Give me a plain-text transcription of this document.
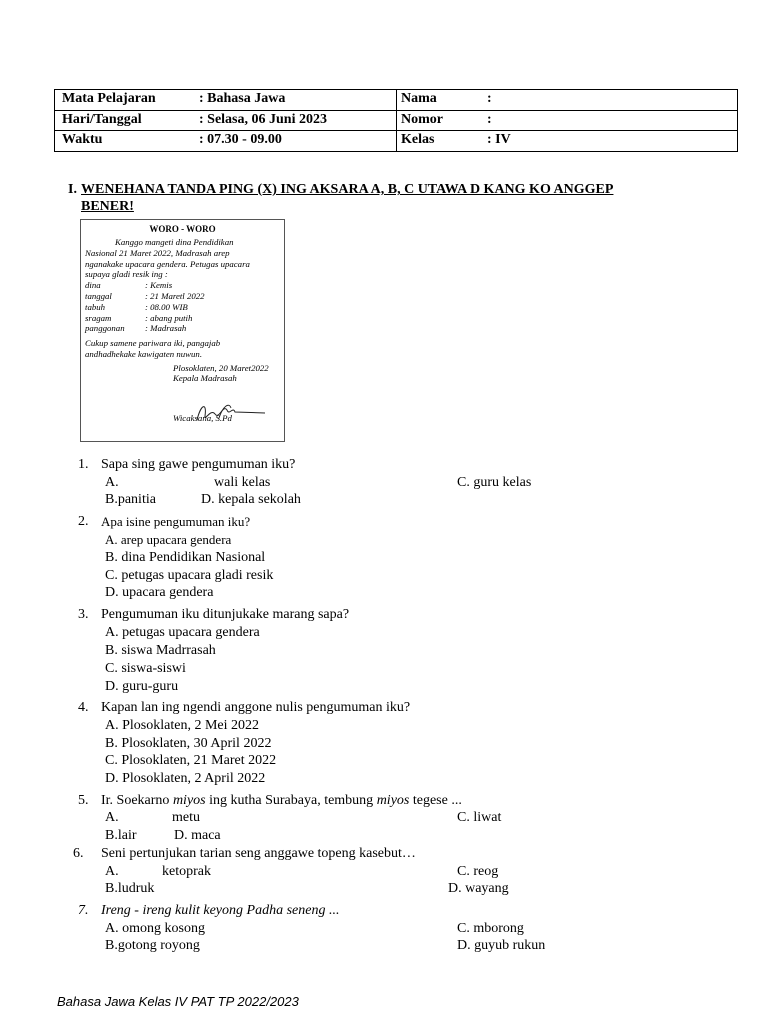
Mata Pelajaran	: Bahasa Jawa	Nama	:
Hari/Tanggal	: Selasa, 06 Juni 2023	Nomor	:
Waktu	: 07.30 - 09.00	Kelas	: IV
I. WENEHANA TANDA PING (X) ING AKSARA A, B, C UTAWA D KANG KO ANGGEP
BENER!
WORO - WORO
Kanggo mangeti dina Pendidikan
Nasional 21 Maret 2022, Madrasah arep
nganakake upacara gendera. Petugas upacara
supaya gladi resik ing :
dina	: Kemis
tanggal	: 21 Maretl 2022
tabuh	: 08.00 WIB
sragam	: abang putih
panggonan : Madrasah
Cukup samene pariwara iki, pangajab
andhadhekake kawigaten nuwun.
Plosoklaten, 20 Maret2022
Kepala Madrasah
Wicaksana, S.Pd
1. Sapa sing gawe pengumuman iku?
A.	wali kelas	C. guru kelas
B.panitia	D. kepala sekolah
2. Apa isine pengumuman iku?
A. arep upacara gendera
B. dina Pendidikan Nasional
C. petugas upacara gladi resik
D. upacara gendera
3. Pengumuman iku ditunjukake marang sapa?
A. petugas upacara gendera
B. siswa Madrrasah
C. siswa-siswi
D. guru-guru
4. Kapan lan ing ngendi anggone nulis pengumuman iku?
A. Plosoklaten, 2 Mei 2022
B. Plosoklaten, 30 April 2022
C. Plosoklaten, 21 Maret 2022
D. Plosoklaten, 2 April 2022
5. Ir. Soekarno miyos ing kutha Surabaya, tembung miyos tegese ...
A.	metu	C. liwat
B.lair	D. maca
6. Seni pertunjukan tarian seng anggawe topeng kasebut…
A.	ketoprak	C. reog
B.ludruk	D. wayang
7. Ireng - ireng kulit keyong Padha seneng ...
A. omong kosong	C. mborong
B.gotong royong	D. guyub rukun
Bahasa Jawa Kelas IV PAT TP 2022/2023
